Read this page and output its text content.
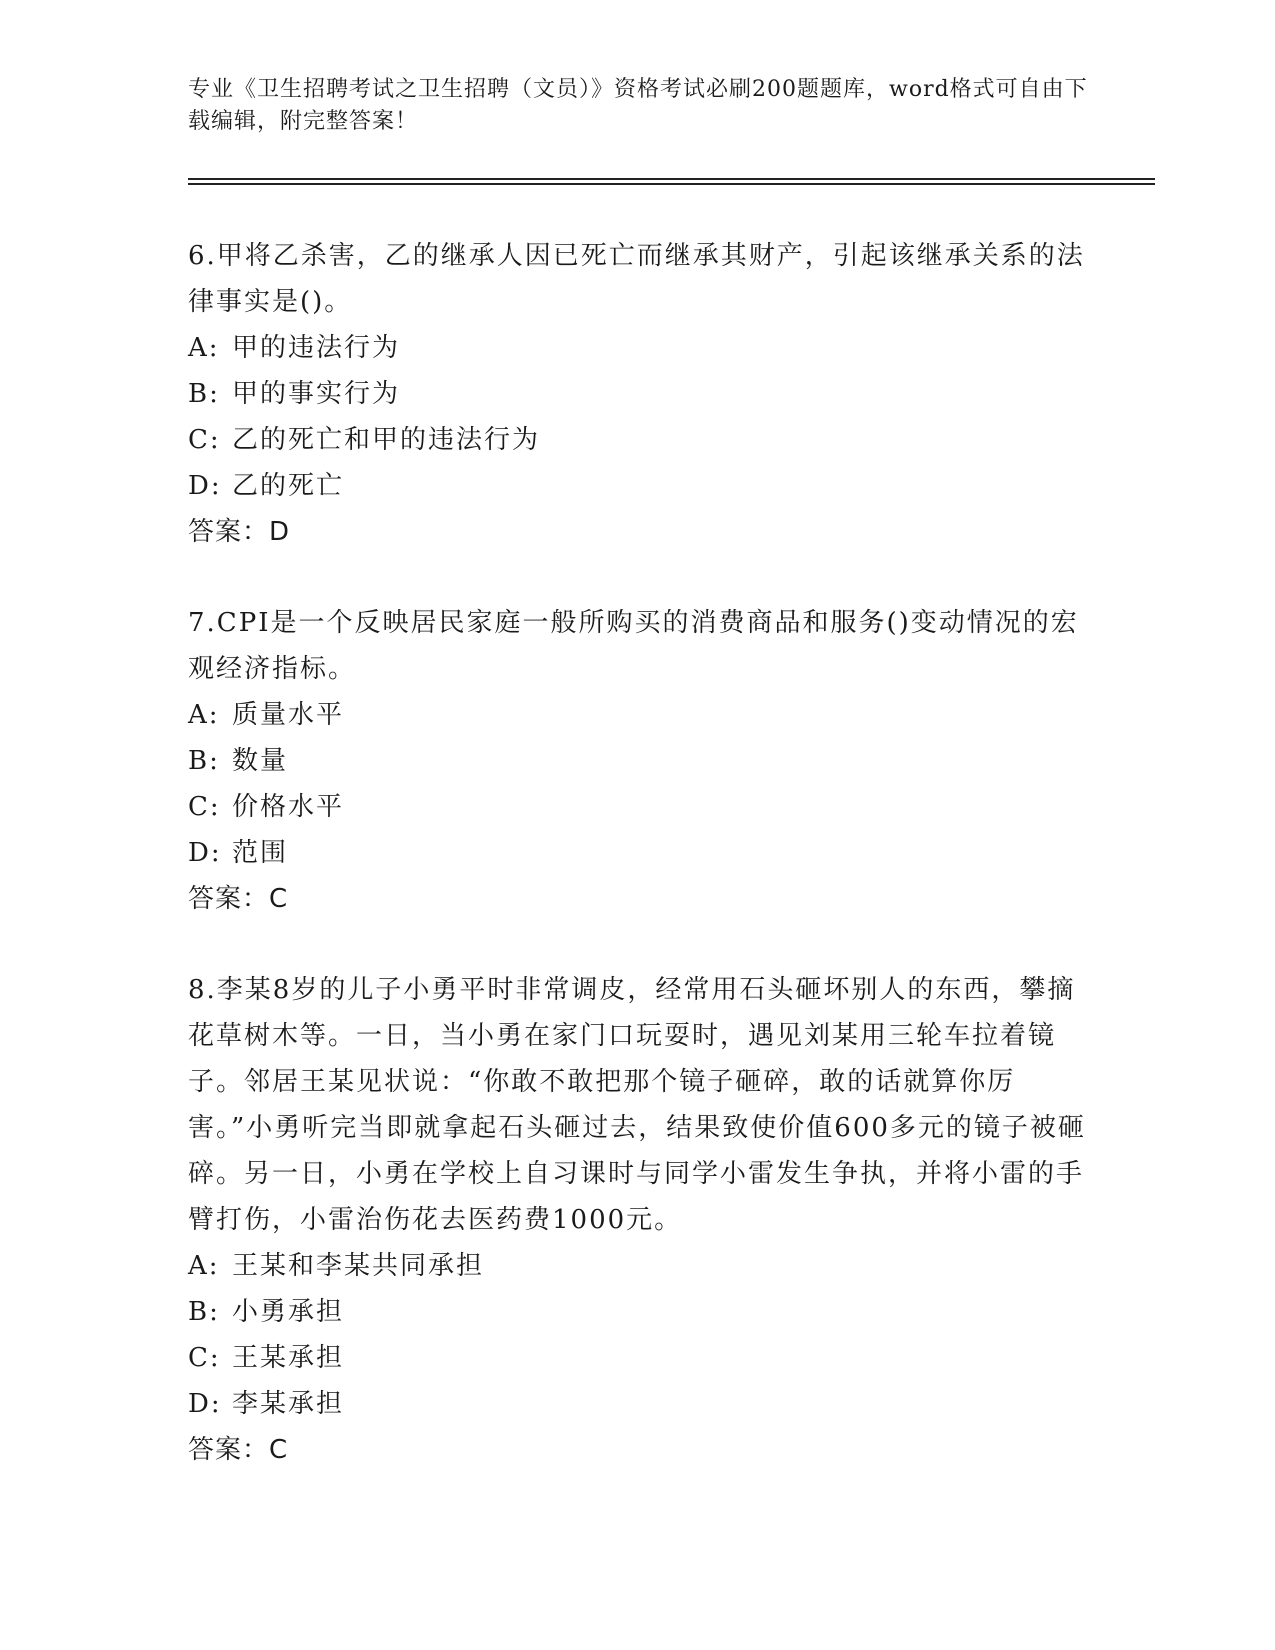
专业《卫生招聘考试之卫生招聘（文员）》资格考试必刷200题题库，word格式可自由下载编辑，附完整答案！

6.甲将乙杀害，乙的继承人因已死亡而继承其财产，引起该继承关系的法律事实是()。

A: 甲的违法行为

B: 甲的事实行为

C: 乙的死亡和甲的违法行为

D: 乙的死亡

答案：D

7.CPI是一个反映居民家庭一般所购买的消费商品和服务()变动情况的宏观经济指标。

A: 质量水平

B: 数量

C: 价格水平

D: 范围

答案：C

8.李某8岁的儿子小勇平时非常调皮，经常用石头砸坏别人的东西，攀摘花草树木等。一日，当小勇在家门口玩耍时，遇见刘某用三轮车拉着镜子。邻居王某见状说：“你敢不敢把那个镜子砸碎，敢的话就算你厉害。”小勇听完当即就拿起石头砸过去，结果致使价值600多元的镜子被砸碎。另一日，小勇在学校上自习课时与同学小雷发生争执，并将小雷的手臂打伤，小雷治伤花去医药费1000元。

A: 王某和李某共同承担

B: 小勇承担

C: 王某承担

D: 李某承担

答案：C
